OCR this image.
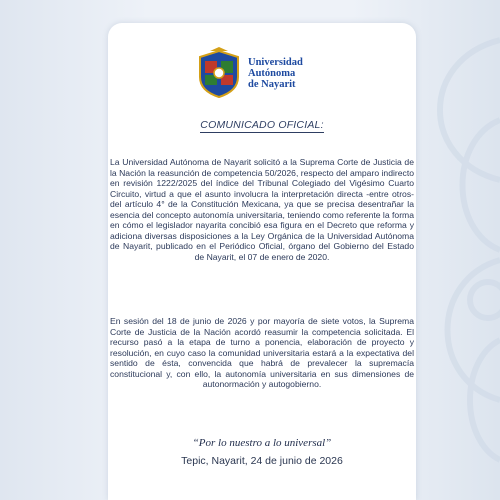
Universidad
Autónoma
de Nayarit
COMUNICADO OFICIAL:

La Universidad Autónoma de Nayarit solicitó a la Suprema Corte de Justicia de la Nación la reasunción de competencia 50/2026, respecto del amparo indirecto en revisión 1222/2025 del índice del Tribunal Colegiado del Vigésimo Cuarto Circuito, virtud a que el asunto involucra la interpretación directa -entre otros- del artículo 4° de la Constitución Mexicana, ya que se precisa desentrañar la esencia del concepto autonomía universitaria, teniendo como referente la forma en cómo el legislador nayarita concibió esa figura en el Decreto que reforma y adiciona diversas disposiciones a la Ley Orgánica de la Universidad Autónoma de Nayarit, publicado en el Periódico Oficial, órgano del Gobierno del Estado de Nayarit, el 07 de enero de 2020.

En sesión del 18 de junio de 2026 y por mayoría de siete votos, la Suprema Corte de Justicia de la Nación acordó reasumir la competencia solicitada. El recurso pasó a la etapa de turno a ponencia, elaboración de proyecto y resolución, en cuyo caso la comunidad universitaria estará a la expectativa del sentido de ésta, convencida que habrá de prevalecer la supremacía constitucional y, con ello, la autonomía universitaria en sus dimensiones de autonormación y autogobierno.

“Por lo nuestro a lo universal”
Tepic, Nayarit, 24 de junio de 2026
